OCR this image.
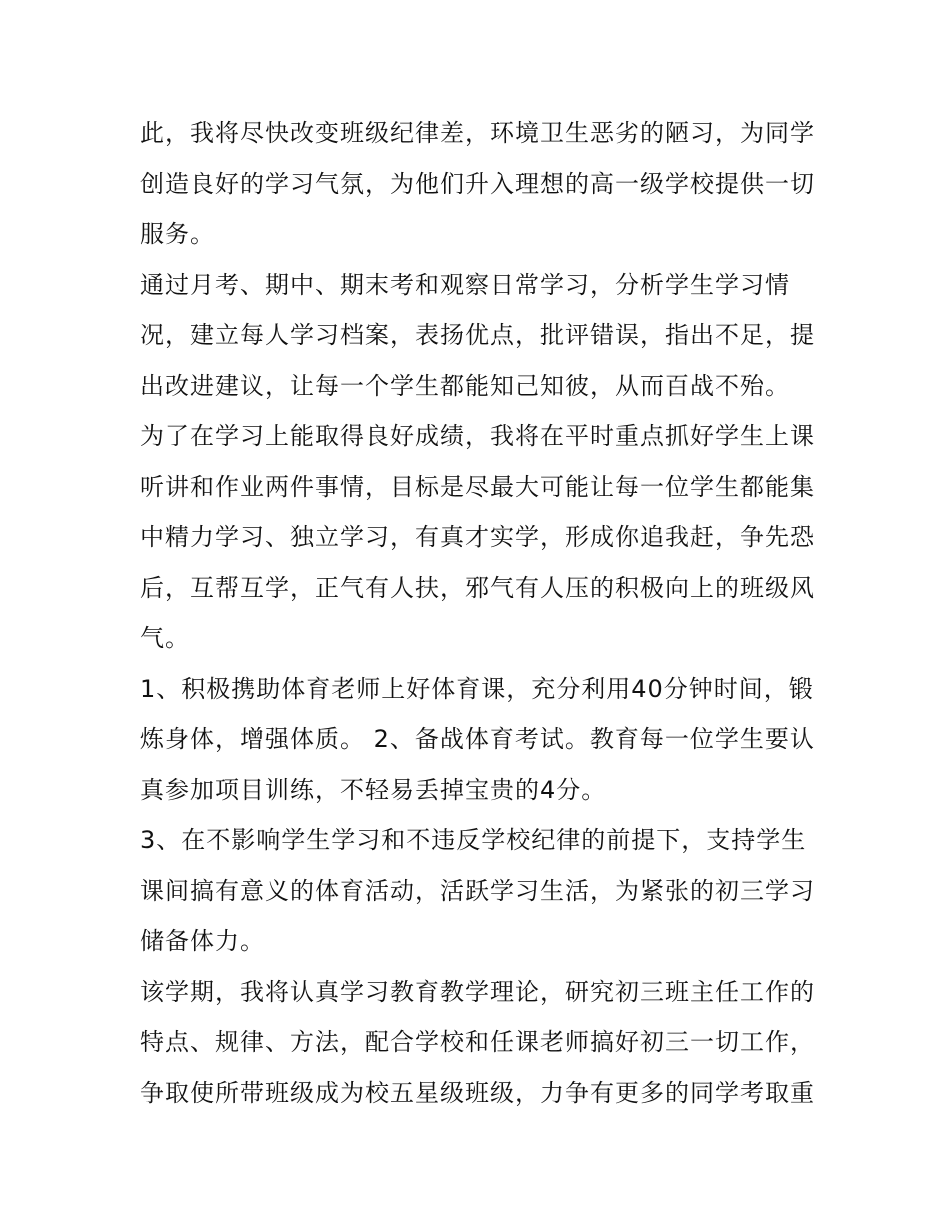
此，我将尽快改变班级纪律差，环境卫生恶劣的陋习，为同学
创造良好的学习气氛，为他们升入理想的高一级学校提供一切
服务。

通过月考、期中、期末考和观察日常学习，分析学生学习情
况，建立每人学习档案，表扬优点，批评错误，指出不足，提
出改进建议，让每一个学生都能知己知彼，从而百战不殆。

为了在学习上能取得良好成绩，我将在平时重点抓好学生上课
听讲和作业两件事情，目标是尽最大可能让每一位学生都能集
中精力学习、独立学习，有真才实学，形成你追我赶，争先恐
后，互帮互学，正气有人扶，邪气有人压的积极向上的班级风
气。

1、积极携助体育老师上好体育课，充分利用40分钟时间，锻
炼身体，增强体质。 2、备战体育考试。教育每一位学生要认
真参加项目训练，不轻易丢掉宝贵的4分。

3、在不影响学生学习和不违反学校纪律的前提下，支持学生
课间搞有意义的体育活动，活跃学习生活，为紧张的初三学习
储备体力。

该学期，我将认真学习教育教学理论，研究初三班主任工作的
特点、规律、方法，配合学校和任课老师搞好初三一切工作，
争取使所带班级成为校五星级班级，力争有更多的同学考取重
